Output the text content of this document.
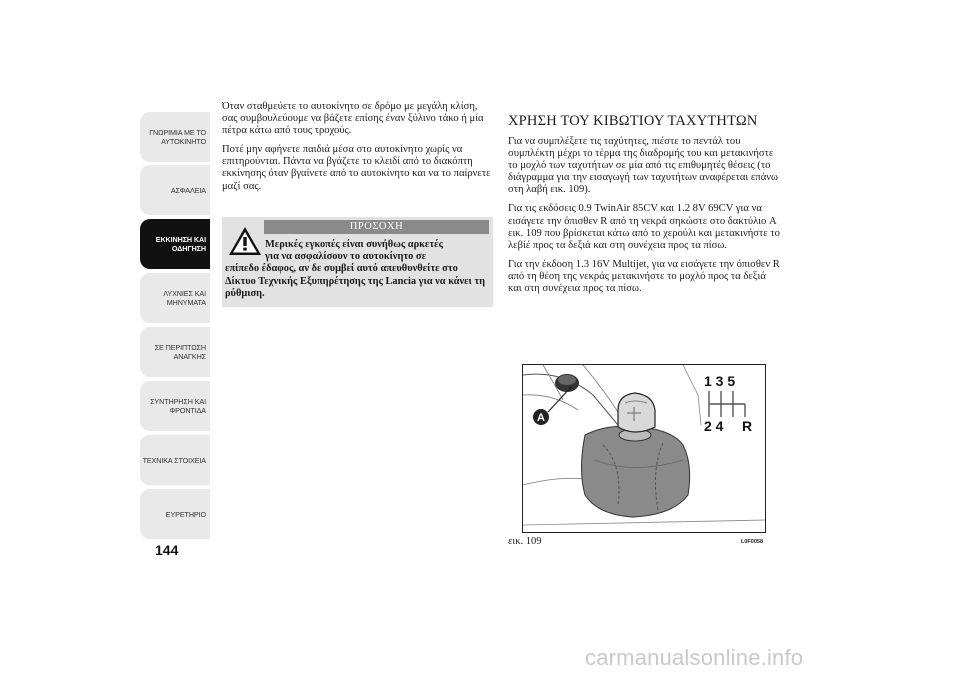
ΓΝΩΡΙΜΙΑ ΜΕ ΤΟ
ΑΥΤΟΚΙΝΗΤΟ
ΑΣΦΑΛΕΙΑ
ΕΚΚΙΝΗΣΗ ΚΑΙ
ΟΔΗΓΗΣΗ
ΛΥΧΝΙΕΣ ΚΑΙ
ΜΗΝΥΜΑΤΑ
ΣΕ ΠΕΡΙΠΤΩΣΗ
ΑΝΑΓΚΗΣ
ΣΥΝΤΗΡΗΣΗ ΚΑΙ
ΦΡΟΝΤΙΔΑ
ΤΕΧΝΙΚΑ ΣΤΟΙΧΕΙΑ
ΕΥΡΕΤΗΡΙΟ
144

Όταν σταθμεύετε το αυτοκίνητο σε δρόμο με μεγάλη κλίση, σας συμβουλεύουμε να βάζετε επίσης έναν ξύλινο τάκο ή μία πέτρα κάτω από τους τροχούς.

Ποτέ μην αφήνετε παιδιά μέσα στο αυτοκίνητο χωρίς να επιτηρούνται. Πάντα να βγάζετε το κλειδί από το διακόπτη εκκίνησης όταν βγαίνετε από το αυτοκίνητο και να το παίρνετε μαζί σας.

ΠΡΟΣΟΧΗ
Μερικές εγκοπές είναι συνήθως αρκετές
για να ασφαλίσουν το αυτοκίνητο σε
επίπεδο έδαφος, αν δε συμβεί αυτό απευθυνθείτε στο Δίκτυο Τεχνικής Εξυπηρέτησης της Lancia για να κάνει τη ρύθμιση.
ΧΡΗΣΗ ΤΟΥ ΚΙΒΩΤΙΟΥ ΤΑΧΥΤΗΤΩΝ

Για να συμπλέξετε τις ταχύτητες, πιέστε το πεντάλ του συμπλέκτη μέχρι το τέρμα της διαδρομής του και μετακινήστε το μοχλό των ταχυτήτων σε μία από τις επιθυμητές θέσεις (το διάγραμμα για την εισαγωγή των ταχυτήτων αναφέρεται επάνω στη λαβή εικ. 109).

Για τις εκδόσεις 0.9 TwinAir 85CV και 1.2 8V 69CV για να εισάγετε την όπισθεν R από τη νεκρά σηκώστε στο δακτύλιο A εικ. 109 που βρίσκεται κάτω από το χερούλι και μετακινήστε το λεβίέ προς τα δεξιά και στη συνέχεια προς τα πίσω.

Για την έκδοση 1.3 16V Multijet, για να εισάγετε την όπισθεν R από τη θέση της νεκράς μετακινήστε το μοχλό προς τα δεξιά και στη συνέχεια προς τα πίσω.

A
1 3 5
2 4 R
εικ. 109	L0F0058
carmanualsonline.info
